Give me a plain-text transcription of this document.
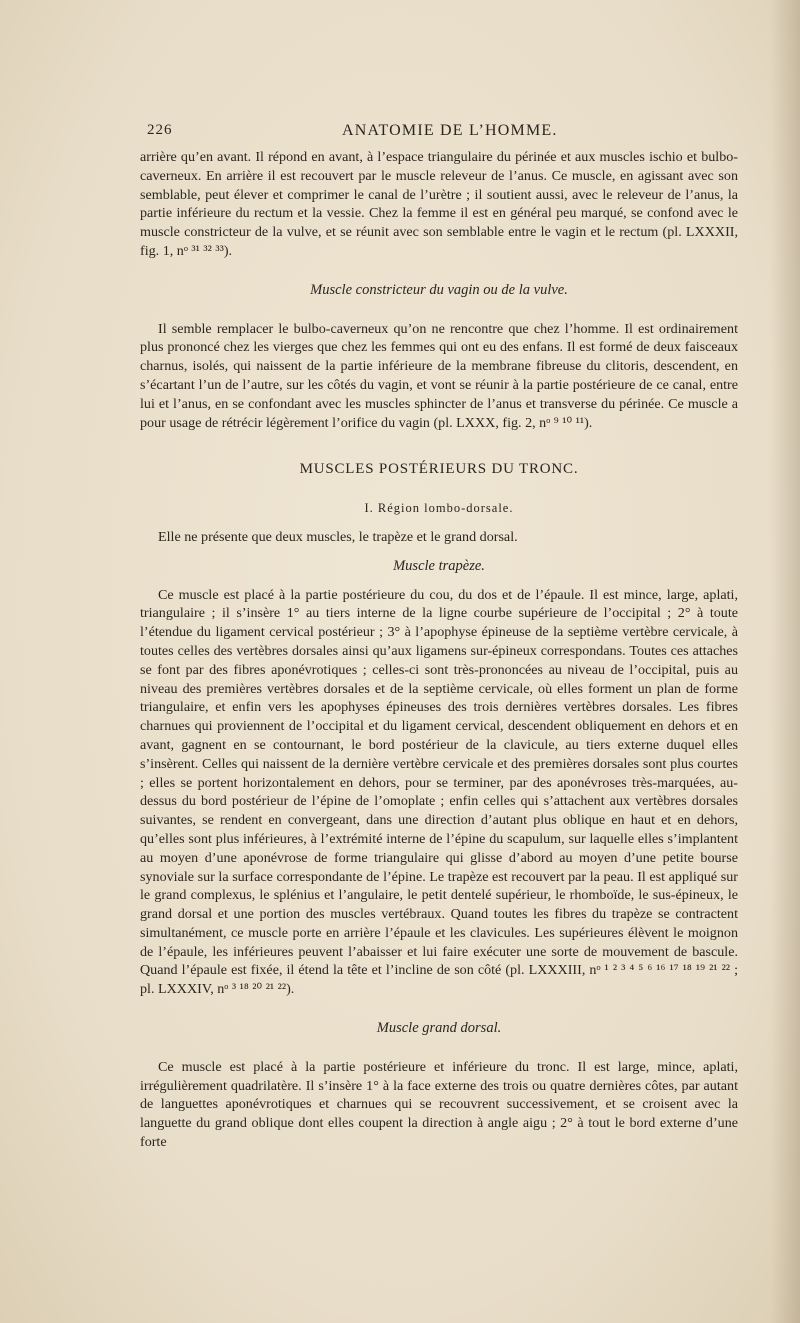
226	ANATOMIE DE L’HOMME.

arrière qu’en avant. Il répond en avant, à l’espace triangulaire du périnée et aux muscles ischio et bulbo-caverneux. En arrière il est recouvert par le muscle releveur de l’anus. Ce muscle, en agissant avec son semblable, peut élever et comprimer le canal de l’urètre ; il soutient aussi, avec le releveur de l’anus, la partie inférieure du rectum et la vessie. Chez la femme il est en général peu marqué, se confond avec le muscle constricteur de la vulve, et se réunit avec son semblable entre le vagin et le rectum (pl. LXXXII, fig. 1, nᵒ ³¹ ³² ³³).

Muscle constricteur du vagin ou de la vulve.

Il semble remplacer le bulbo-caverneux qu’on ne rencontre que chez l’homme. Il est ordinairement plus prononcé chez les vierges que chez les femmes qui ont eu des enfans. Il est formé de deux faisceaux charnus, isolés, qui naissent de la partie inférieure de la membrane fibreuse du clitoris, descendent, en s’écartant l’un de l’autre, sur les côtés du vagin, et vont se réunir à la partie postérieure de ce canal, entre lui et l’anus, en se confondant avec les muscles sphincter de l’anus et transverse du périnée. Ce muscle a pour usage de rétrécir légèrement l’orifice du vagin (pl. LXXX, fig. 2, nᵒ ⁹ ¹⁰ ¹¹).

MUSCLES POSTÉRIEURS DU TRONC.

I. Région lombo-dorsale.

Elle ne présente que deux muscles, le trapèze et le grand dorsal.

Muscle trapèze.

Ce muscle est placé à la partie postérieure du cou, du dos et de l’épaule. Il est mince, large, aplati, triangulaire ; il s’insère 1° au tiers interne de la ligne courbe supérieure de l’occipital ; 2° à toute l’étendue du ligament cervical postérieur ; 3° à l’apophyse épineuse de la septième vertèbre cervicale, à toutes celles des vertèbres dorsales ainsi qu’aux ligamens sur-épineux correspondans. Toutes ces attaches se font par des fibres aponévrotiques ; celles-ci sont très-prononcées au niveau de l’occipital, puis au niveau des premières vertèbres dorsales et de la septième cervicale, où elles forment un plan de forme triangulaire, et enfin vers les apophyses épineuses des trois dernières vertèbres dorsales. Les fibres charnues qui proviennent de l’occipital et du ligament cervical, descendent obliquement en dehors et en avant, gagnent en se contournant, le bord postérieur de la clavicule, au tiers externe duquel elles s’insèrent. Celles qui naissent de la dernière vertèbre cervicale et des premières dorsales sont plus courtes ; elles se portent horizontalement en dehors, pour se terminer, par des aponévroses très-marquées, au-dessus du bord postérieur de l’épine de l’omoplate ; enfin celles qui s’attachent aux vertèbres dorsales suivantes, se rendent en convergeant, dans une direction d’autant plus oblique en haut et en dehors, qu’elles sont plus inférieures, à l’extrémité interne de l’épine du scapulum, sur laquelle elles s’implantent au moyen d’une aponévrose de forme triangulaire qui glisse d’abord au moyen d’une petite bourse synoviale sur la surface correspondante de l’épine. Le trapèze est recouvert par la peau. Il est appliqué sur le grand complexus, le splénius et l’angulaire, le petit dentelé supérieur, le rhomboïde, le sus-épineux, le grand dorsal et une portion des muscles vertébraux. Quand toutes les fibres du trapèze se contractent simultanément, ce muscle porte en arrière l’épaule et les clavicules. Les supérieures élèvent le moignon de l’épaule, les inférieures peuvent l’abaisser et lui faire exécuter une sorte de mouvement de bascule. Quand l’épaule est fixée, il étend la tête et l’incline de son côté (pl. LXXXIII, nᵒ ¹ ² ³ ⁴ ⁵ ⁶ ¹⁶ ¹⁷ ¹⁸ ¹⁹ ²¹ ²² ; pl. LXXXIV, nᵒ ³ ¹⁸ ²⁰ ²¹ ²²).

Muscle grand dorsal.

Ce muscle est placé à la partie postérieure et inférieure du tronc. Il est large, mince, aplati, irrégulièrement quadrilatère. Il s’insère 1° à la face externe des trois ou quatre dernières côtes, par autant de languettes aponévrotiques et charnues qui se recouvrent successivement, et se croisent avec la languette du grand oblique dont elles coupent la direction à angle aigu ; 2° à tout le bord externe d’une forte
